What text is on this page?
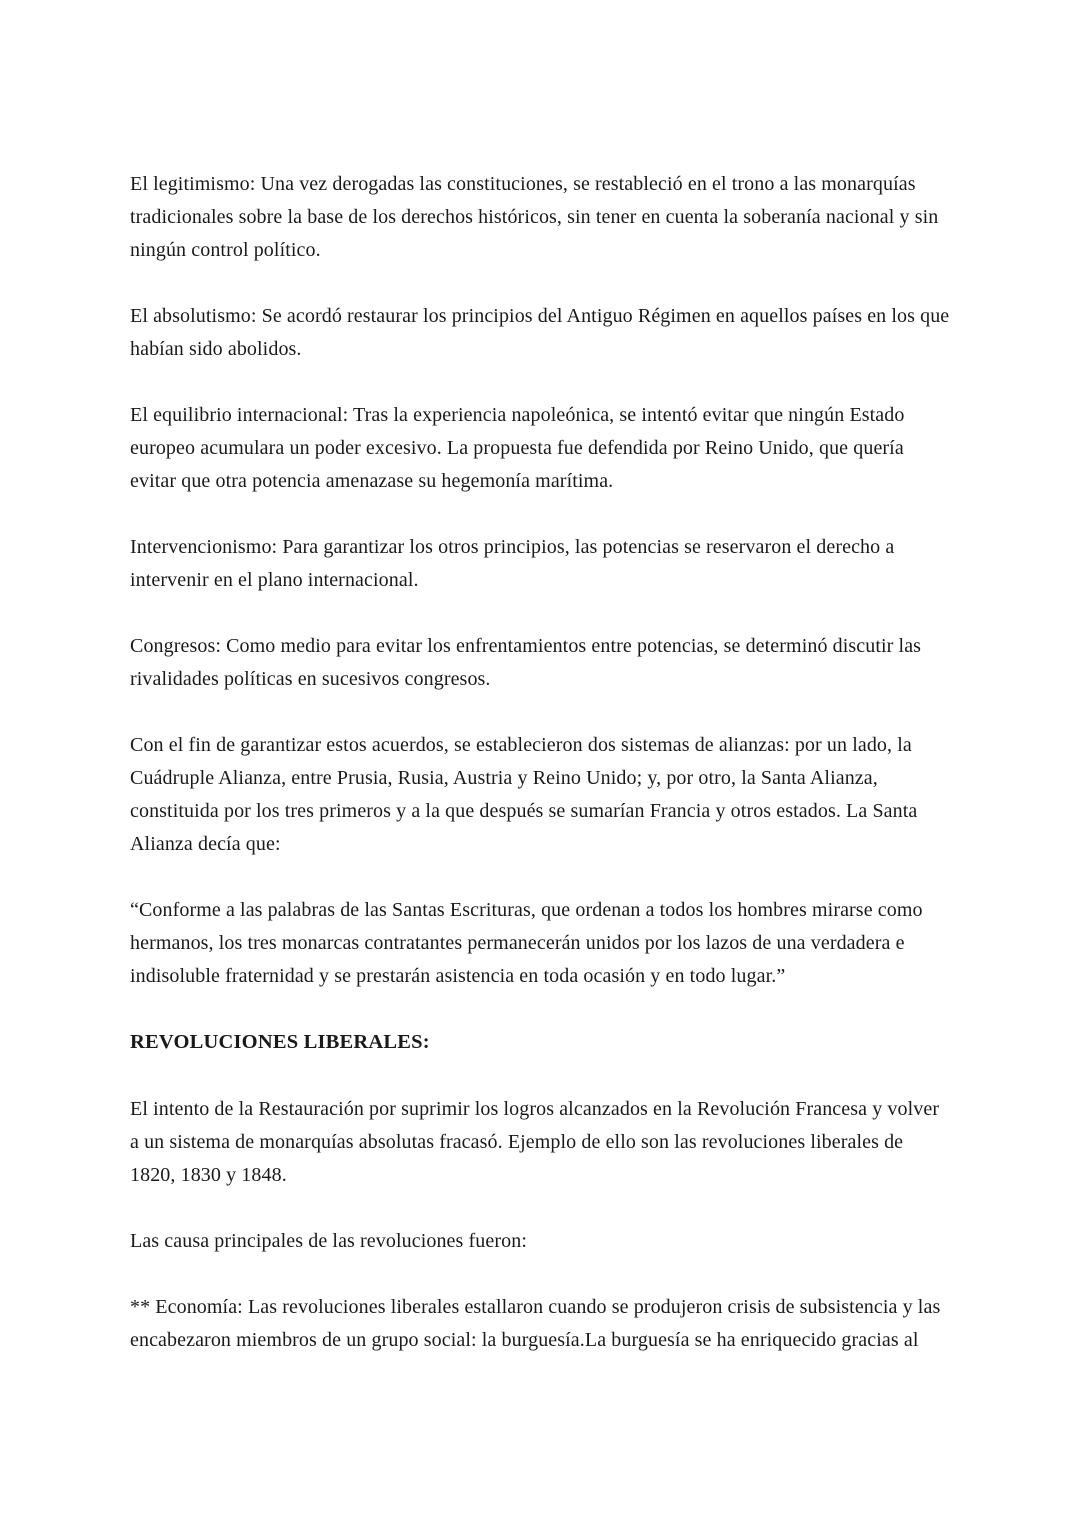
El legitimismo: Una vez derogadas las constituciones, se restableció en el trono a las monarquías tradicionales sobre la base de los derechos históricos, sin tener en cuenta la soberanía nacional y sin ningún control político.

El absolutismo: Se acordó restaurar los principios del Antiguo Régimen en aquellos países en los que habían sido abolidos.

El equilibrio internacional: Tras la experiencia napoleónica, se intentó evitar que ningún Estado europeo acumulara un poder excesivo. La propuesta fue defendida por Reino Unido, que quería evitar que otra potencia amenazase su hegemonía marítima.

Intervencionismo: Para garantizar los otros principios, las potencias se reservaron el derecho a intervenir en el plano internacional.

Congresos: Como medio para evitar los enfrentamientos entre potencias, se determinó discutir las rivalidades políticas en sucesivos congresos.

Con el fin de garantizar estos acuerdos, se establecieron dos sistemas de alianzas: por un lado, la Cuádruple Alianza, entre Prusia, Rusia, Austria y Reino Unido; y, por otro, la Santa Alianza, constituida por los tres primeros y a la que después se sumarían Francia y otros estados. La Santa Alianza decía que:

“Conforme a las palabras de las Santas Escrituras, que ordenan a todos los hombres mirarse como hermanos, los tres monarcas contratantes permanecerán unidos por los lazos de una verdadera e indisoluble fraternidad y se prestarán asistencia en toda ocasión y en todo lugar.”

REVOLUCIONES LIBERALES:

El intento de la Restauración por suprimir los logros alcanzados en la Revolución Francesa y volver a un sistema de monarquías absolutas fracasó. Ejemplo de ello son las revoluciones liberales de 1820, 1830 y 1848.

Las causa principales de las revoluciones fueron:

** Economía: Las revoluciones liberales estallaron cuando se produjeron crisis de subsistencia y las encabezaron miembros de un grupo social: la burguesía.La burguesía se ha enriquecido gracias al
